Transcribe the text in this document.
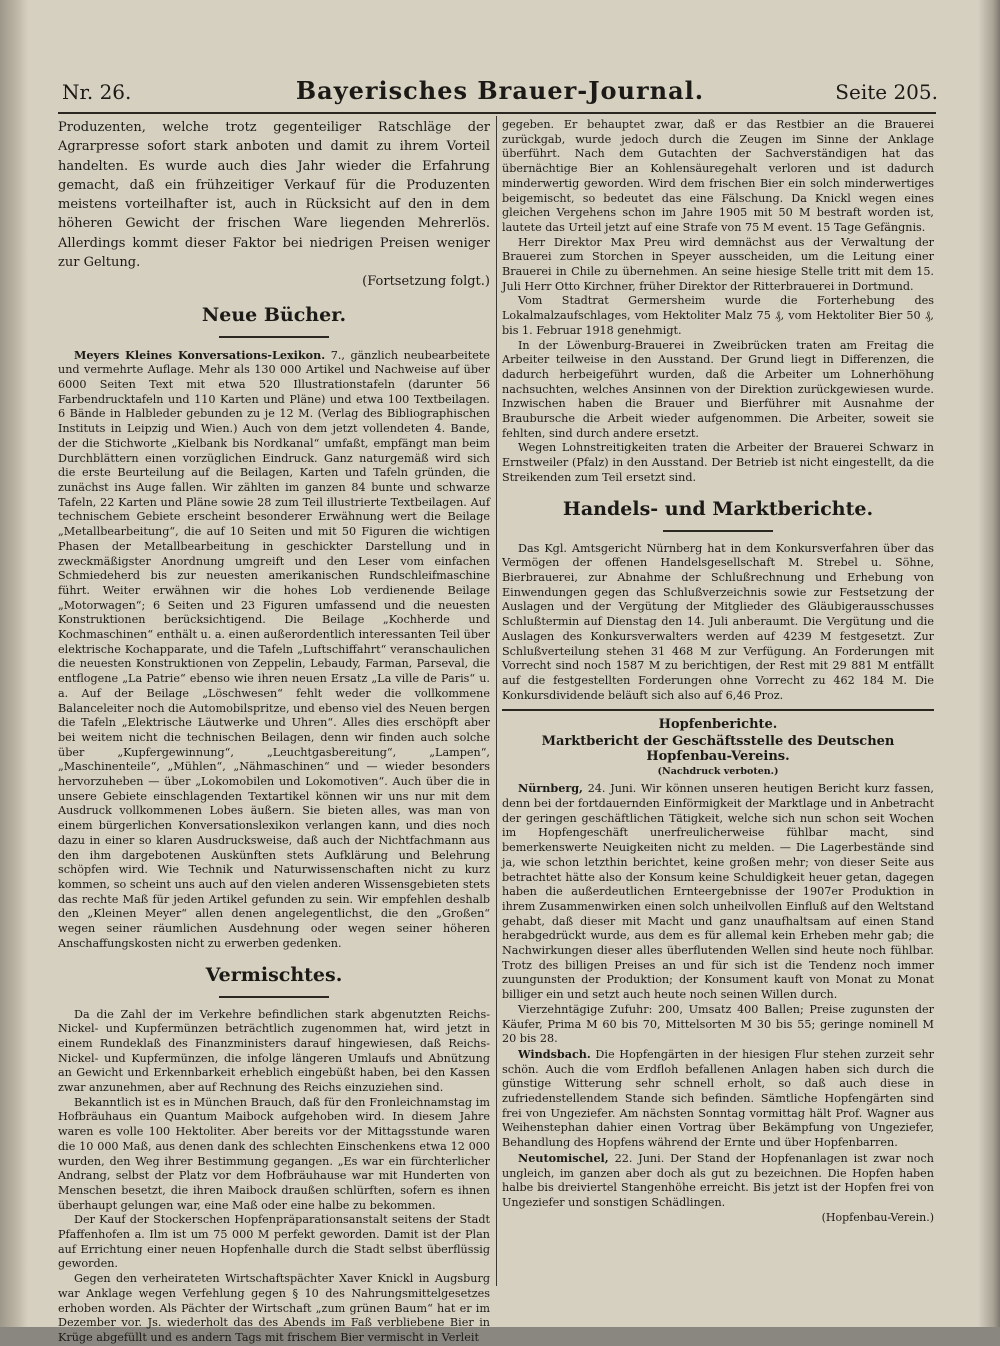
Nr. 26.	Bayerisches Brauer-Journal.	Seite 205.

Produzenten, welche trotz gegenteiliger Ratschläge der Agrarpresse sofort stark anboten und damit zu ihrem Vorteil handelten. Es wurde auch dies Jahr wieder die Erfahrung gemacht, daß ein frühzeitiger Verkauf für die Produzenten meistens vorteilhafter ist, auch in Rücksicht auf den in dem höheren Gewicht der frischen Ware liegenden Mehrerlös. Allerdings kommt dieser Faktor bei niedrigen Preisen weniger zur Geltung.

(Fortsetzung folgt.)

Neue Bücher.

Meyers Kleines Konversations-Lexikon. 7., gänzlich neubearbeitete und vermehrte Auflage. Mehr als 130 000 Artikel und Nachweise auf über 6000 Seiten Text mit etwa 520 Illustrationstafeln (darunter 56 Farbendrucktafeln und 110 Karten und Pläne) und etwa 100 Textbeilagen. 6 Bände in Halbleder gebunden zu je 12 M. (Verlag des Bibliographischen Instituts in Leipzig und Wien.) Auch von dem jetzt vollendeten 4. Bande, der die Stichworte „Kielbank bis Nordkanal“ umfaßt, empfängt man beim Durchblättern einen vorzüglichen Eindruck. Ganz naturgemäß wird sich die erste Beurteilung auf die Beilagen, Karten und Tafeln gründen, die zunächst ins Auge fallen. Wir zählten im ganzen 84 bunte und schwarze Tafeln, 22 Karten und Pläne sowie 28 zum Teil illustrierte Textbeilagen. Auf technischem Gebiete erscheint besonderer Erwähnung wert die Beilage „Metallbearbeitung“, die auf 10 Seiten und mit 50 Figuren die wichtigen Phasen der Metallbearbeitung in geschickter Darstellung und in zweckmäßigster Anordnung umgreift und den Leser vom einfachen Schmiedeherd bis zur neuesten amerikanischen Rundschleifmaschine führt. Weiter erwähnen wir die hohes Lob verdienende Beilage „Motorwagen“; 6 Seiten und 23 Figuren umfassend und die neuesten Konstruktionen berücksichtigend. Die Beilage „Kochherde und Kochmaschinen“ enthält u. a. einen außerordentlich interessanten Teil über elektrische Kochapparate, und die Tafeln „Luftschiffahrt“ veranschaulichen die neuesten Konstruktionen von Zeppelin, Lebaudy, Farman, Parseval, die entflogene „La Patrie“ ebenso wie ihren neuen Ersatz „La ville de Paris“ u. a. Auf der Beilage „Löschwesen“ fehlt weder die vollkommene Balanceleiter noch die Automobilspritze, und ebenso viel des Neuen bergen die Tafeln „Elektrische Läutwerke und Uhren“. Alles dies erschöpft aber bei weitem nicht die technischen Beilagen, denn wir finden auch solche über „Kupfergewinnung“, „Leuchtgasbereitung“, „Lampen“, „Maschinenteile“, „Mühlen“, „Nähmaschinen“ und — wieder besonders hervorzuheben — über „Lokomobilen und Lokomotiven“. Auch über die in unsere Gebiete einschlagenden Textartikel können wir uns nur mit dem Ausdruck vollkommenen Lobes äußern. Sie bieten alles, was man von einem bürgerlichen Konversationslexikon verlangen kann, und dies noch dazu in einer so klaren Ausdrucksweise, daß auch der Nichtfachmann aus den ihm dargebotenen Auskünften stets Aufklärung und Belehrung schöpfen wird. Wie Technik und Naturwissenschaften nicht zu kurz kommen, so scheint uns auch auf den vielen anderen Wissensgebieten stets das rechte Maß für jeden Artikel gefunden zu sein. Wir empfehlen deshalb den „Kleinen Meyer“ allen denen angelegentlichst, die den „Großen“ wegen seiner räumlichen Ausdehnung oder wegen seiner höheren Anschaffungskosten nicht zu erwerben gedenken.

Vermischtes.

Da die Zahl der im Verkehre befindlichen stark abgenutzten Reichs-Nickel- und Kupfermünzen beträchtlich zugenommen hat, wird jetzt in einem Rundeklaß des Finanzministers darauf hingewiesen, daß Reichs-Nickel- und Kupfermünzen, die infolge längeren Umlaufs und Abnützung an Gewicht und Erkennbarkeit erheblich eingebüßt haben, bei den Kassen zwar anzunehmen, aber auf Rechnung des Reichs einzuziehen sind.

Bekanntlich ist es in München Brauch, daß für den Fronleichnamstag im Hofbräuhaus ein Quantum Maibock aufgehoben wird. In diesem Jahre waren es volle 100 Hektoliter. Aber bereits vor der Mittagsstunde waren die 10 000 Maß, aus denen dank des schlechten Einschenkens etwa 12 000 wurden, den Weg ihrer Bestimmung gegangen. „Es war ein fürchterlicher Andrang, selbst der Platz vor dem Hofbräuhause war mit Hunderten von Menschen besetzt, die ihren Maibock draußen schlürften, sofern es ihnen überhaupt gelungen war, eine Maß oder eine halbe zu bekommen.

Der Kauf der Stockerschen Hopfenpräparationsanstalt seitens der Stadt Pfaffenhofen a. Ilm ist um 75 000 M perfekt geworden. Damit ist der Plan auf Errichtung einer neuen Hopfenhalle durch die Stadt selbst überflüssig geworden.

Gegen den verheirateten Wirtschaftspächter Xaver Knickl in Augsburg war Anklage wegen Verfehlung gegen § 10 des Nahrungsmittelgesetzes erhoben worden. Als Pächter der Wirtschaft „zum grünen Baum“ hat er im Dezember vor. Js. wiederholt das des Abends im Faß verbliebene Bier in Krüge abgefüllt und es andern Tags mit frischem Bier vermischt in Verleit

gegeben. Er behauptet zwar, daß er das Restbier an die Brauerei zurückgab, wurde jedoch durch die Zeugen im Sinne der Anklage überführt. Nach dem Gutachten der Sachverständigen hat das übernächtige Bier an Kohlensäuregehalt verloren und ist dadurch minderwertig geworden. Wird dem frischen Bier ein solch minderwertiges beigemischt, so bedeutet das eine Fälschung. Da Knickl wegen eines gleichen Vergehens schon im Jahre 1905 mit 50 M bestraft worden ist, lautete das Urteil jetzt auf eine Strafe von 75 M event. 15 Tage Gefängnis.

Herr Direktor Max Preu wird demnächst aus der Verwaltung der Brauerei zum Storchen in Speyer ausscheiden, um die Leitung einer Brauerei in Chile zu übernehmen. An seine hiesige Stelle tritt mit dem 15. Juli Herr Otto Kirchner, früher Direktor der Ritterbrauerei in Dortmund.

Vom Stadtrat Germersheim wurde die Forterhebung des Lokalmalzaufschlages, vom Hektoliter Malz 75 ₰, vom Hektoliter Bier 50 ₰, bis 1. Februar 1918 genehmigt.

In der Löwenburg-Brauerei in Zweibrücken traten am Freitag die Arbeiter teilweise in den Ausstand. Der Grund liegt in Differenzen, die dadurch herbeigeführt wurden, daß die Arbeiter um Lohnerhöhung nachsuchten, welches Ansinnen von der Direktion zurückgewiesen wurde. Inzwischen haben die Brauer und Bierführer mit Ausnahme der Braubursche die Arbeit wieder aufgenommen. Die Arbeiter, soweit sie fehlten, sind durch andere ersetzt.

Wegen Lohnstreitigkeiten traten die Arbeiter der Brauerei Schwarz in Ernstweiler (Pfalz) in den Ausstand. Der Betrieb ist nicht eingestellt, da die Streikenden zum Teil ersetzt sind.

Handels- und Marktberichte.

Das Kgl. Amtsgericht Nürnberg hat in dem Konkursverfahren über das Vermögen der offenen Handelsgesellschaft M. Strebel u. Söhne, Bierbrauerei, zur Abnahme der Schlußrechnung und Erhebung von Einwendungen gegen das Schlußverzeichnis sowie zur Festsetzung der Auslagen und der Vergütung der Mitglieder des Gläubigerausschusses Schlußtermin auf Dienstag den 14. Juli anberaumt. Die Vergütung und die Auslagen des Konkursverwalters werden auf 4239 M festgesetzt. Zur Schlußverteilung stehen 31 468 M zur Verfügung. An Forderungen mit Vorrecht sind noch 1587 M zu berichtigen, der Rest mit 29 881 M entfällt auf die festgestellten Forderungen ohne Vorrecht zu 462 184 M. Die Konkursdividende beläuft sich also auf 6,46 Proz.

Hopfenberichte.
Marktbericht der Geschäftsstelle des Deutschen Hopfenbau-Vereins.
(Nachdruck verboten.)

Nürnberg, 24. Juni. Wir können unseren heutigen Bericht kurz fassen, denn bei der fortdauernden Einförmigkeit der Marktlage und in Anbetracht der geringen geschäftlichen Tätigkeit, welche sich nun schon seit Wochen im Hopfengeschäft unerfreulicherweise fühlbar macht, sind bemerkenswerte Neuigkeiten nicht zu melden. — Die Lagerbestände sind ja, wie schon letzthin berichtet, keine großen mehr; von dieser Seite aus betrachtet hätte also der Konsum keine Schuldigkeit heuer getan, dagegen haben die außerdeutlichen Ernteergebnisse der 1907er Produktion in ihrem Zusammenwirken einen solch unheilvollen Einfluß auf den Weltstand gehabt, daß dieser mit Macht und ganz unaufhaltsam auf einen Stand herabgedrückt wurde, aus dem es für allemal kein Erheben mehr gab; die Nachwirkungen dieser alles überflutenden Wellen sind heute noch fühlbar. Trotz des billigen Preises an und für sich ist die Tendenz noch immer zuungunsten der Produktion; der Konsument kauft von Monat zu Monat billiger ein und setzt auch heute noch seinen Willen durch.

Vierzehntägige Zufuhr: 200, Umsatz 400 Ballen; Preise zugunsten der Käufer, Prima M 60 bis 70, Mittelsorten M 30 bis 55; geringe nominell M 20 bis 28.

Windsbach. Die Hopfengärten in der hiesigen Flur stehen zurzeit sehr schön. Auch die vom Erdfloh befallenen Anlagen haben sich durch die günstige Witterung sehr schnell erholt, so daß auch diese in zufriedenstellendem Stande sich befinden. Sämtliche Hopfengärten sind frei von Ungeziefer. Am nächsten Sonntag vormittag hält Prof. Wagner aus Weihenstephan dahier einen Vortrag über Bekämpfung von Ungeziefer, Behandlung des Hopfens während der Ernte und über Hopfenbarren.

Neutomischel, 22. Juni. Der Stand der Hopfenanlagen ist zwar noch ungleich, im ganzen aber doch als gut zu bezeichnen. Die Hopfen haben halbe bis dreiviertel Stangenhöhe erreicht. Bis jetzt ist der Hopfen frei von Ungeziefer und sonstigen Schädlingen.

(Hopfenbau-Verein.)
